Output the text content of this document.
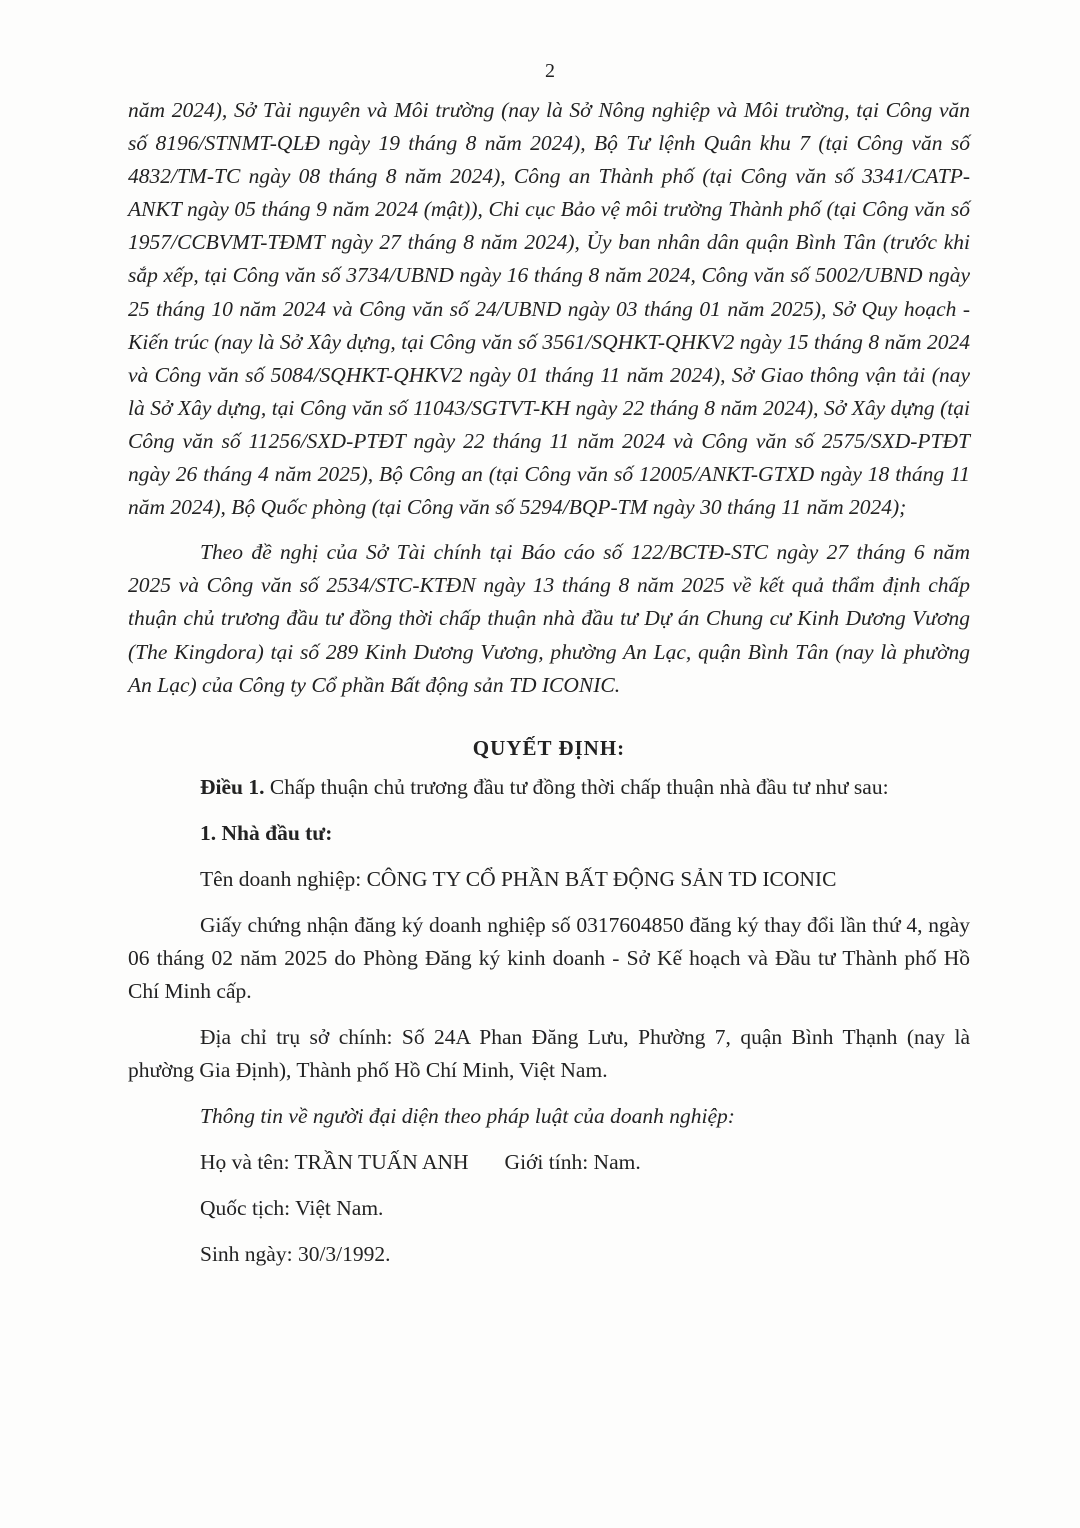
2

năm 2024), Sở Tài nguyên và Môi trường (nay là Sở Nông nghiệp và Môi trường, tại Công văn số 8196/STNMT-QLĐ ngày 19 tháng 8 năm 2024), Bộ Tư lệnh Quân khu 7 (tại Công văn số 4832/TM-TC ngày 08 tháng 8 năm 2024), Công an Thành phố (tại Công văn số 3341/CATP-ANKT ngày 05 tháng 9 năm 2024 (mật)), Chi cục Bảo vệ môi trường Thành phố (tại Công văn số 1957/CCBVMT-TĐMT ngày 27 tháng 8 năm 2024), Ủy ban nhân dân quận Bình Tân (trước khi sắp xếp, tại Công văn số 3734/UBND ngày 16 tháng 8 năm 2024, Công văn số 5002/UBND ngày 25 tháng 10 năm 2024 và Công văn số 24/UBND ngày 03 tháng 01 năm 2025), Sở Quy hoạch - Kiến trúc (nay là Sở Xây dựng, tại Công văn số 3561/SQHKT-QHKV2 ngày 15 tháng 8 năm 2024 và Công văn số 5084/SQHKT-QHKV2 ngày 01 tháng 11 năm 2024), Sở Giao thông vận tải (nay là Sở Xây dựng, tại Công văn số 11043/SGTVT-KH ngày 22 tháng 8 năm 2024), Sở Xây dựng (tại Công văn số 11256/SXD-PTĐT ngày 22 tháng 11 năm 2024 và Công văn số 2575/SXD-PTĐT ngày 26 tháng 4 năm 2025), Bộ Công an (tại Công văn số 12005/ANKT-GTXD ngày 18 tháng 11 năm 2024), Bộ Quốc phòng (tại Công văn số 5294/BQP-TM ngày 30 tháng 11 năm 2024);

Theo đề nghị của Sở Tài chính tại Báo cáo số 122/BCTĐ-STC ngày 27 tháng 6 năm 2025 và Công văn số 2534/STC-KTĐN ngày 13 tháng 8 năm 2025 về kết quả thẩm định chấp thuận chủ trương đầu tư đồng thời chấp thuận nhà đầu tư Dự án Chung cư Kinh Dương Vương (The Kingdora) tại số 289 Kinh Dương Vương, phường An Lạc, quận Bình Tân (nay là phường An Lạc) của Công ty Cổ phần Bất động sản TD ICONIC.

QUYẾT ĐỊNH:

Điều 1. Chấp thuận chủ trương đầu tư đồng thời chấp thuận nhà đầu tư như sau:

1. Nhà đầu tư:

Tên doanh nghiệp: CÔNG TY CỔ PHẦN BẤT ĐỘNG SẢN TD ICONIC

Giấy chứng nhận đăng ký doanh nghiệp số 0317604850 đăng ký thay đổi lần thứ 4, ngày 06 tháng 02 năm 2025 do Phòng Đăng ký kinh doanh - Sở Kế hoạch và Đầu tư Thành phố Hồ Chí Minh cấp.

Địa chỉ trụ sở chính: Số 24A Phan Đăng Lưu, Phường 7, quận Bình Thạnh (nay là phường Gia Định), Thành phố Hồ Chí Minh, Việt Nam.

Thông tin về người đại diện theo pháp luật của doanh nghiệp:

Họ và tên: TRẦN TUẤN ANH Giới tính: Nam.

Quốc tịch: Việt Nam.

Sinh ngày: 30/3/1992.
